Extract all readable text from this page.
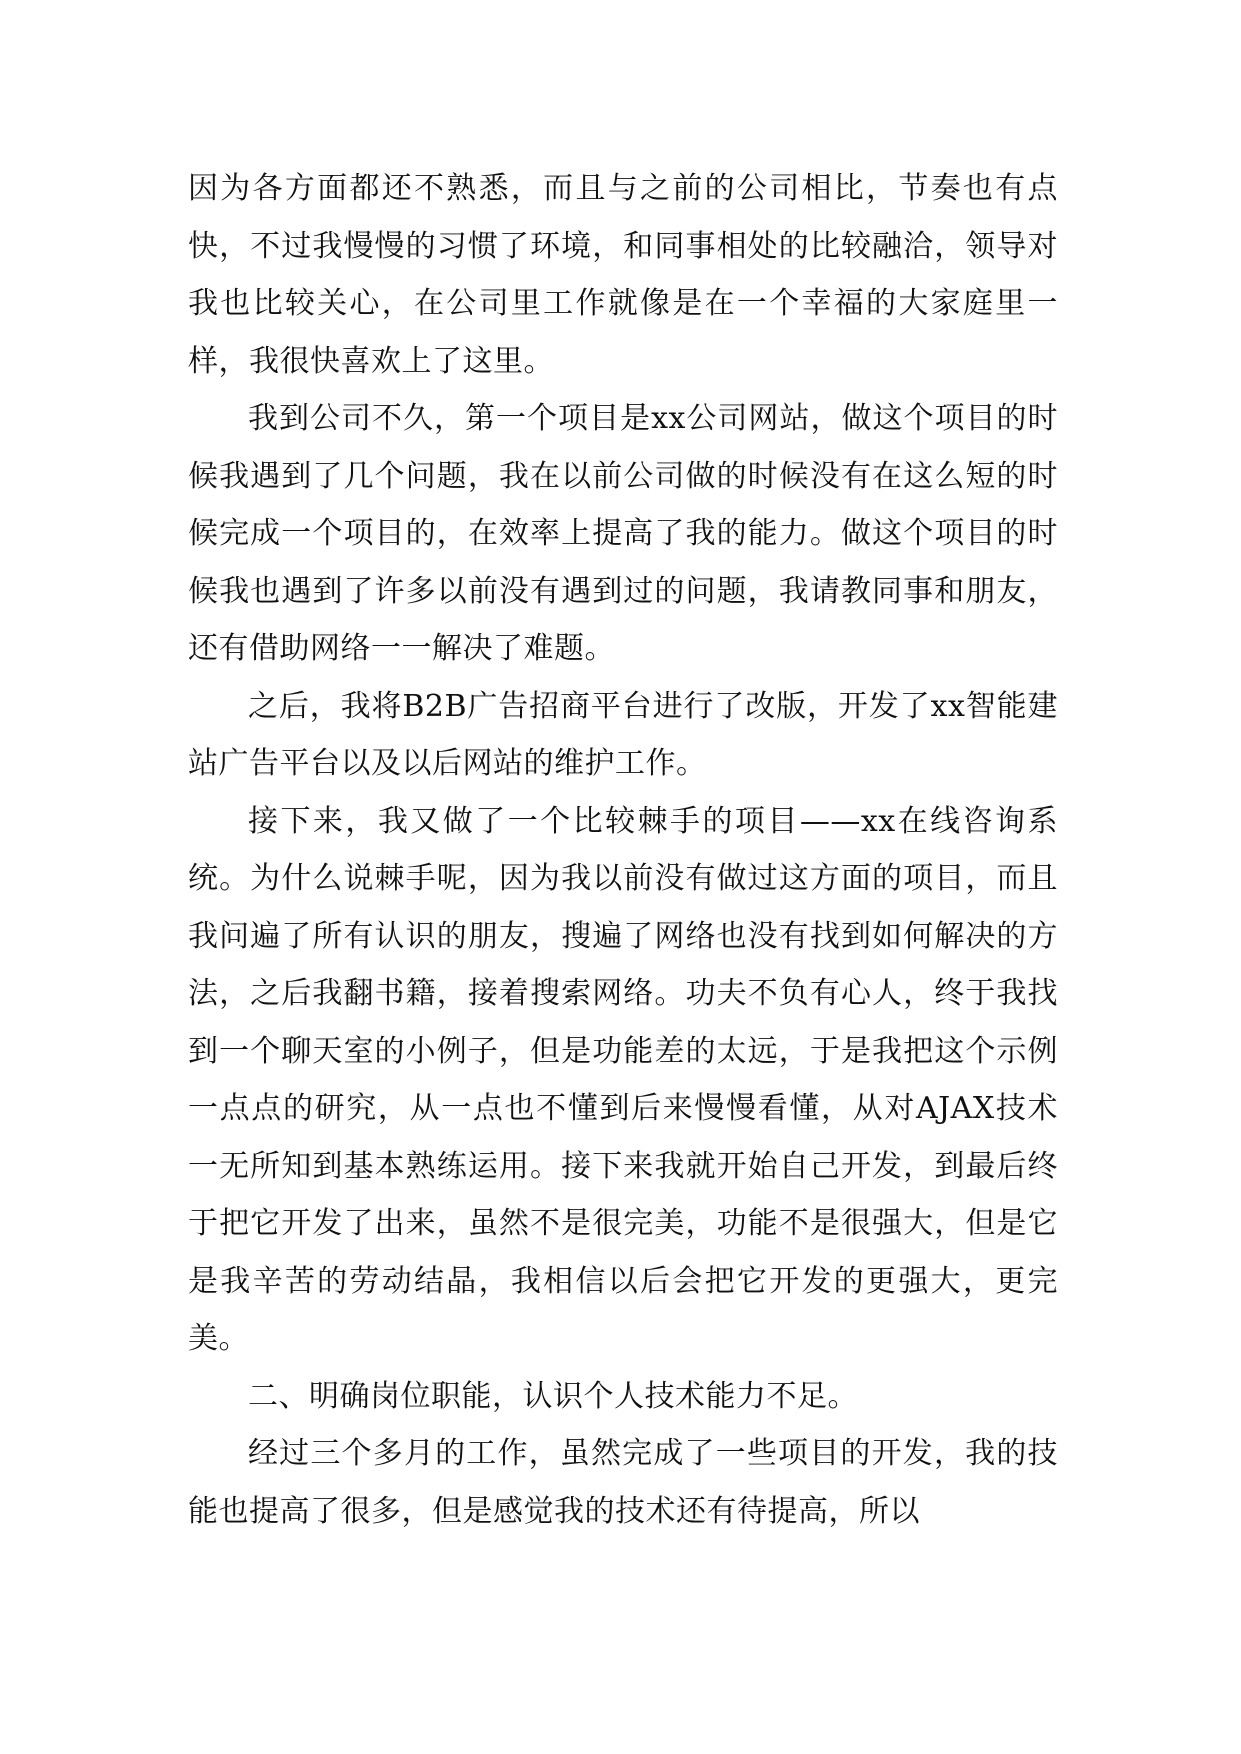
因为各方面都还不熟悉，而且与之前的公司相比，节奏也有点快，不过我慢慢的习惯了环境，和同事相处的比较融洽，领导对我也比较关心，在公司里工作就像是在一个幸福的大家庭里一样，我很快喜欢上了这里。

我到公司不久，第一个项目是xx公司网站，做这个项目的时候我遇到了几个问题，我在以前公司做的时候没有在这么短的时候完成一个项目的，在效率上提高了我的能力。做这个项目的时候我也遇到了许多以前没有遇到过的问题，我请教同事和朋友，还有借助网络一一解决了难题。

之后，我将B2B广告招商平台进行了改版，开发了xx智能建站广告平台以及以后网站的维护工作。

接下来，我又做了一个比较棘手的项目——xx在线咨询系统。为什么说棘手呢，因为我以前没有做过这方面的项目，而且我问遍了所有认识的朋友，搜遍了网络也没有找到如何解决的方法，之后我翻书籍，接着搜索网络。功夫不负有心人，终于我找到一个聊天室的小例子，但是功能差的太远，于是我把这个示例一点点的研究，从一点也不懂到后来慢慢看懂，从对AJAX技术一无所知到基本熟练运用。接下来我就开始自己开发，到最后终于把它开发了出来，虽然不是很完美，功能不是很强大，但是它是我辛苦的劳动结晶，我相信以后会把它开发的更强大，更完美。

二、明确岗位职能，认识个人技术能力不足。

经过三个多月的工作，虽然完成了一些项目的开发，我的技能也提高了很多，但是感觉我的技术还有待提高，所以
